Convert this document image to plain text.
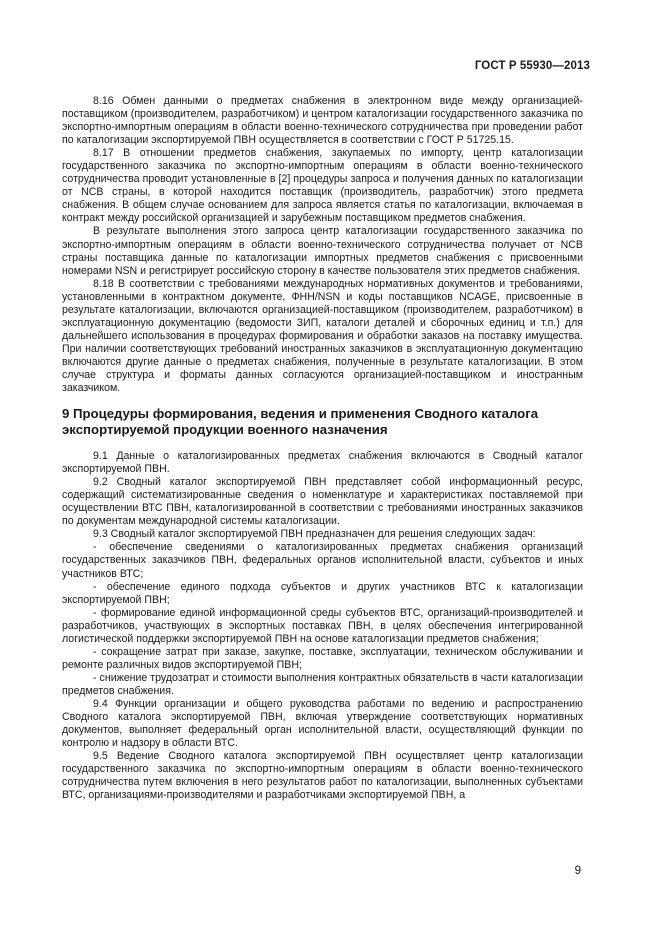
ГОСТ Р 55930—2013

8.16 Обмен данными о предметах снабжения в электронном виде между организацией-поставщиком (производителем, разработчиком) и центром каталогизации государственного заказчика по экспортно-импортным операциям в области военно-технического сотрудничества при проведении работ по каталогизации экспортируемой ПВН осуществляется в соответствии с ГОСТ Р 51725.15.

8.17 В отношении предметов снабжения, закупаемых по импорту, центр каталогизации государственного заказчика по экспортно-импортным операциям в области военно-технического сотрудничества проводит установленные в [2] процедуры запроса и получения данных по каталогизации от NCB страны, в которой находится поставщик (производитель, разработчик) этого предмета снабжения. В общем случае основанием для запроса является статья по каталогизации, включаемая в контракт между российской организацией и зарубежным поставщиком предметов снабжения.

В результате выполнения этого запроса центр каталогизации государственного заказчика по экспортно-импортным операциям в области военно-технического сотрудничества получает от NCB страны поставщика данные по каталогизации импортных предметов снабжения с присвоенными номерами NSN и регистрирует российскую сторону в качестве пользователя этих предметов снабжения.

8.18 В соответствии с требованиями международных нормативных документов и требованиями, установленными в контрактном документе, ФНН/NSN и коды поставщиков NCAGE, присвоенные в результате каталогизации, включаются организацией-поставщиком (производителем, разработчиком) в эксплуатационную документацию (ведомости ЗИП, каталоги деталей и сборочных единиц и т.п.) для дальнейшего использования в процедурах формирования и обработки заказов на поставку имущества. При наличии соответствующих требований иностранных заказчиков в эксплуатационную документацию включаются другие данные о предметах снабжения, полученные в результате каталогизации. В этом случае структура и форматы данных согласуются организацией-поставщиком и иностранным заказчиком.

9 Процедуры формирования, ведения и применения Сводного каталога экспортируемой продукции военного назначения

9.1 Данные о каталогизированных предметах снабжения включаются в Сводный каталог экспортируемой ПВН.

9.2 Сводный каталог экспортируемой ПВН представляет собой информационный ресурс, содержащий систематизированные сведения о номенклатуре и характеристиках поставляемой при осуществлении ВТС ПВН, каталогизированной в соответствии с требованиями иностранных заказчиков по документам международной системы каталогизации.

9.3 Сводный каталог экспортируемой ПВН предназначен для решения следующих задач:

- обеспечение сведениями о каталогизированных предметах снабжения организаций государственных заказчиков ПВН, федеральных органов исполнительной власти, субъектов и иных участников ВТС;

- обеспечение единого подхода субъектов и других участников ВТС к каталогизации экспортируемой ПВН;

- формирование единой информационной среды субъектов ВТС, организаций-производителей и разработчиков, участвующих в экспортных поставках ПВН, в целях обеспечения интегрированной логистической поддержки экспортируемой ПВН на основе каталогизации предметов снабжения;

- сокращение затрат при заказе, закупке, поставке, эксплуатации, техническом обслуживании и ремонте различных видов экспортируемой ПВН;

- снижение трудозатрат и стоимости выполнения контрактных обязательств в части каталогизации предметов снабжения.

9.4 Функции организации и общего руководства работами по ведению и распространению Сводного каталога экспортируемой ПВН, включая утверждение соответствующих нормативных документов, выполняет федеральный орган исполнительной власти, осуществляющий функции по контролю и надзору в области ВТС.

9.5 Ведение Сводного каталога экспортируемой ПВН осуществляет центр каталогизации государственного заказчика по экспортно-импортным операциям в области военно-технического сотрудничества путем включения в него результатов работ по каталогизации, выполненных субъектами ВТС, организациями-производителями и разработчиками экспортируемой ПВН, а

9
